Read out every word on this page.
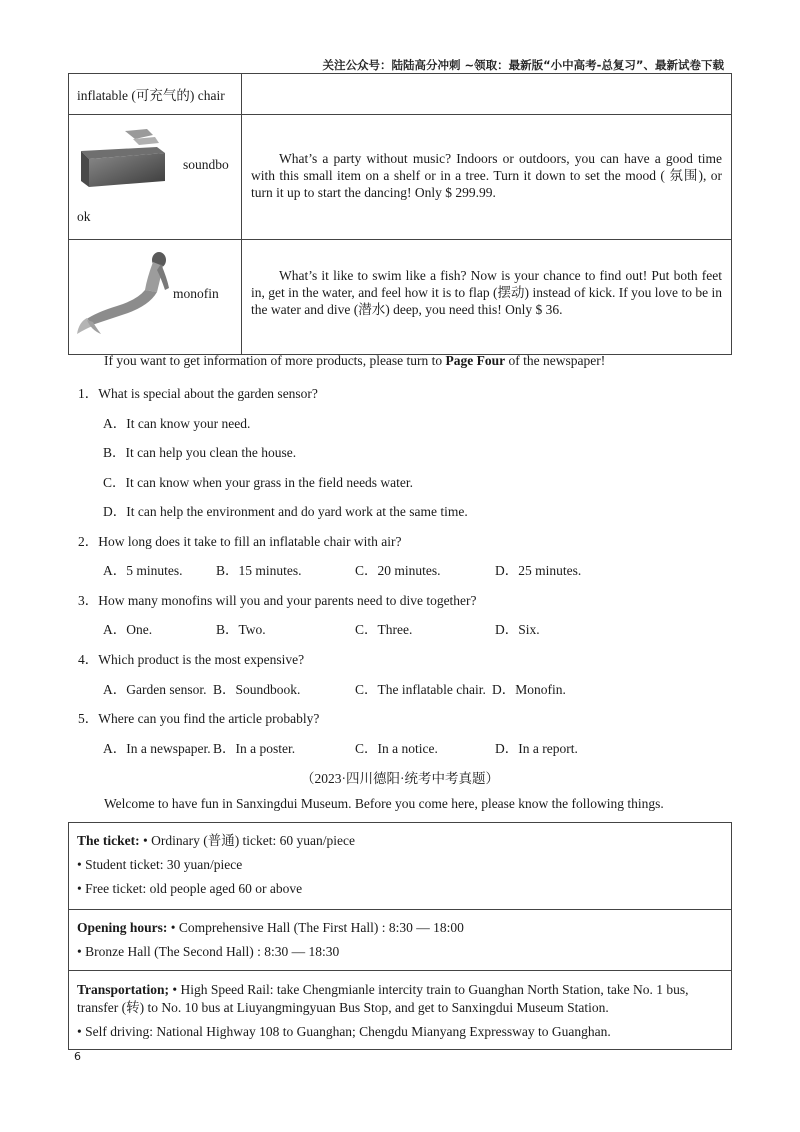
关注公众号：陆陆高分冲刺 ~领取：最新版“小中高考-总复习”、最新试卷下载
inflatable (可充气的) chair	

soundbo
ok	What’s a party without music? Indoors or outdoors, you can have a good time with this small item on a shelf or in a tree. Turn it down to set the mood ( 氛围), or turn it up to start the dancing! Only $ 299.99.

monofin	What’s it like to swim like a fish? Now is your chance to find out! Put both feet in, get in the water, and feel how it is to flap (摆动) instead of kick. If you love to be in the water and dive (潜水) deep, you need this! Only $ 36.
If you want to get information of more products, please turn to Page Four of the newspaper!
1．What is special about the garden sensor?
A．It can know your need.
B．It can help you clean the house.
C．It can know when your grass in the field needs water.
D．It can help the environment and do yard work at the same time.
2．How long does it take to fill an inflatable chair with air?
A．5 minutes. B．15 minutes.	C．20 minutes.	D．25 minutes.
3．How many monofins will you and your parents need to dive together?
A．One.	B．Two.	C．Three.	D．Six.
4．Which product is the most expensive?
A．Garden sensor. B．Soundbook.	C．The inflatable chair. D．Monofin.
5．Where can you find the article probably?
A．In a newspaper. B．In a poster.	C．In a notice.	D．In a report.
（2023·四川德阳·统考中考真题）
Welcome to have fun in Sanxingdui Museum. Before you come here, please know the following things.

The ticket: • Ordinary (普通) ticket: 60 yuan/piece

• Student ticket: 30 yuan/piece

• Free ticket: old people aged 60 or above

Opening hours: • Comprehensive Hall (The First Hall) : 8:30 — 18:00

• Bronze Hall (The Second Hall) : 8:30 — 18:30

Transportation; • High Speed Rail: take Chengmianle intercity train to Guanghan North Station, take No. 1 bus, transfer (转) to No. 10 bus at Liuyangmingyuan Bus Stop, and get to Sanxingdui Museum Station.

• Self driving: National Highway 108 to Guanghan; Chengdu Mianyang Expressway to Guanghan.

6
